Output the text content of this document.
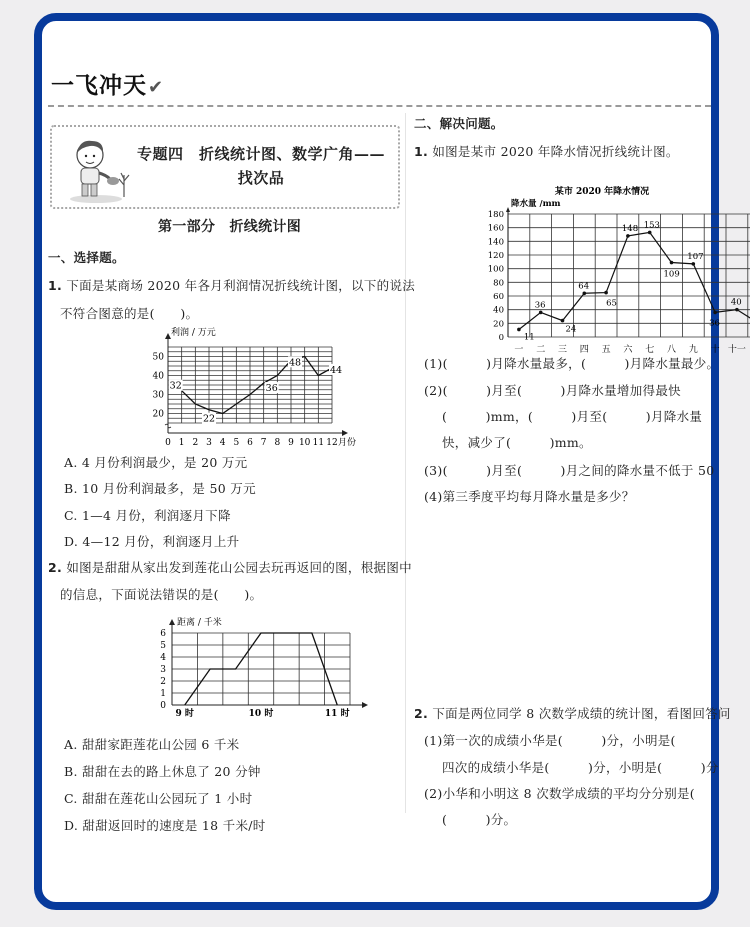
一飞冲天✔
专题四　折线统计图、数学广角——
找次品
第一部分　折线统计图
一、选择题。
1. 下面是某商场 2020 年各月利润情况折线统计图，以下的说法
不符合图意的是(　　)。
利润 / 万元
月份
20
30
40
50
0 1 2 3 4 5 6 7 8 9 10 11 12
32
22
36
48
44
A. 4 月份利润最少，是 20 万元
B. 10 月份利润最多，是 50 万元
C. 1—4 月份，利润逐月下降
D. 4—12 月份，利润逐月上升
2. 如图是甜甜从家出发到莲花山公园去玩再返回的图，根据图中
的信息，下面说法错误的是(　　)。
距离 / 千米
0
1
2
3
4
5
6
9 时	10 时	11 时
A. 甜甜家距莲花山公园 6 千米
B. 甜甜在去的路上休息了 20 分钟
C. 甜甜在莲花山公园玩了 1 小时
D. 甜甜返回时的速度是 18 千米/时
二、解决问题。
1. 如图是某市 2020 年降水情况折线统计图。
某市 2020 年降水情况
降水量 /mm
0
20
40
60
80
100
120
140
160
180
一 二 三 四 五 六 七 八 九 十 十一
11
36
24
64
65
148 153
109
107
36
40
(1)(　　　)月降水量最多，(　　　)月降水量最少。
(2)(　　　)月至(　　　)月降水量增加得最快
(　　　)mm，(　　　)月至(　　　)月降水量
快，减少了(　　　)mm。
(3)(　　　)月至(　　　)月之间的降水量不低于 50
(4)第三季度平均每月降水量是多少？
2. 下面是两位同学 8 次数学成绩的统计图，看图回答问
(1)第一次的成绩小华是(　　　)分，小明是(
四次的成绩小华是(　　　)分，小明是(　　　)分
(2)小华和小明这 8 次数学成绩的平均分分别是(
(　　　)分。
